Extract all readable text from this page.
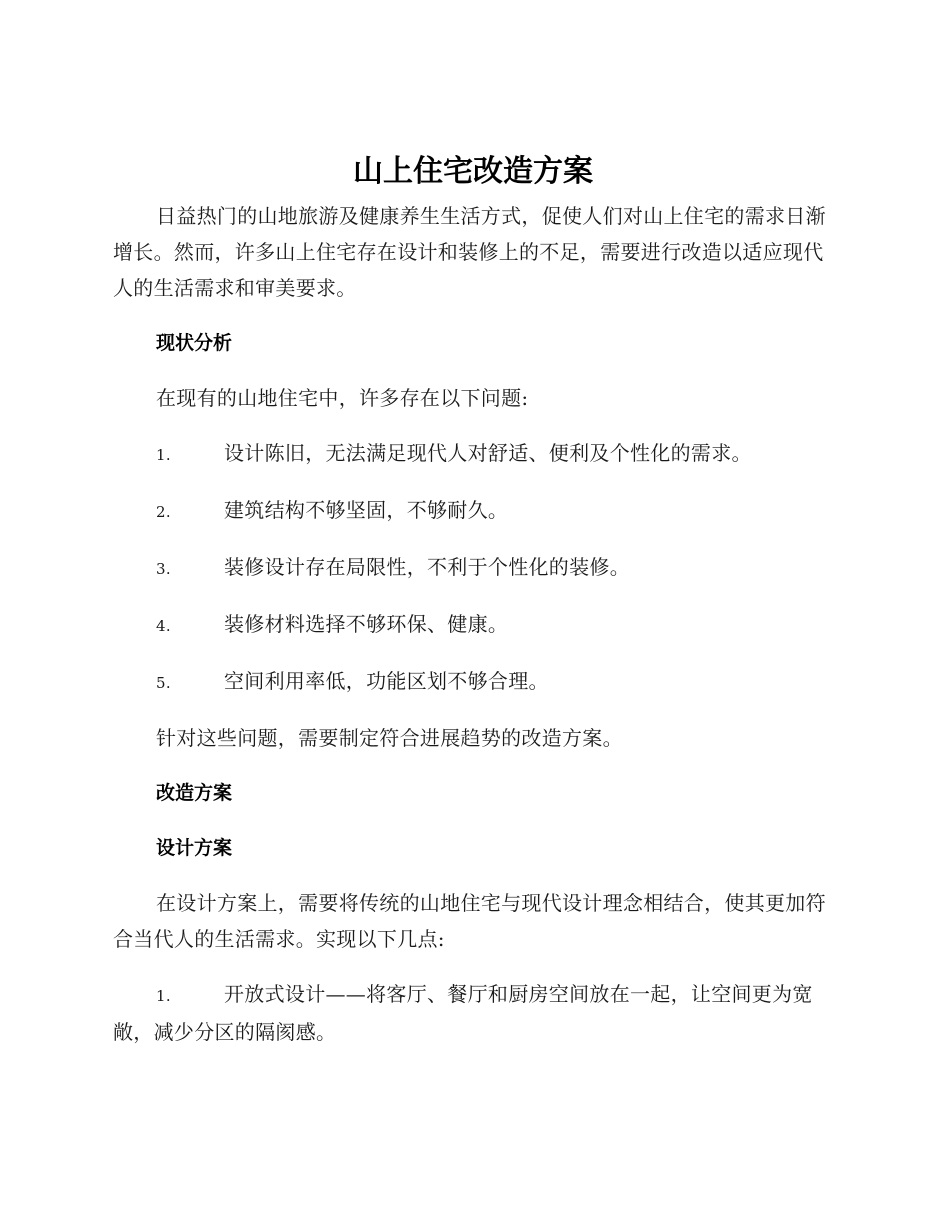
山上住宅改造方案

日益热门的山地旅游及健康养生生活方式，促使人们对山上住宅的需求日渐增长。然而，许多山上住宅存在设计和装修上的不足，需要进行改造以适应现代人的生活需求和审美要求。

现状分析
在现有的山地住宅中，许多存在以下问题:
1.	设计陈旧，无法满足现代人对舒适、便利及个性化的需求。
2.	建筑结构不够坚固，不够耐久。
3.	装修设计存在局限性，不利于个性化的装修。
4.	装修材料选择不够环保、健康。
5.	空间利用率低，功能区划不够合理。
针对这些问题，需要制定符合进展趋势的改造方案。
改造方案
设计方案

在设计方案上，需要将传统的山地住宅与现代设计理念相结合，使其更加符合当代人的生活需求。实现以下几点:

1.	开放式设计——将客厅、餐厅和厨房空间放在一起，让空间更为宽敞，减少分区的隔阂感。
